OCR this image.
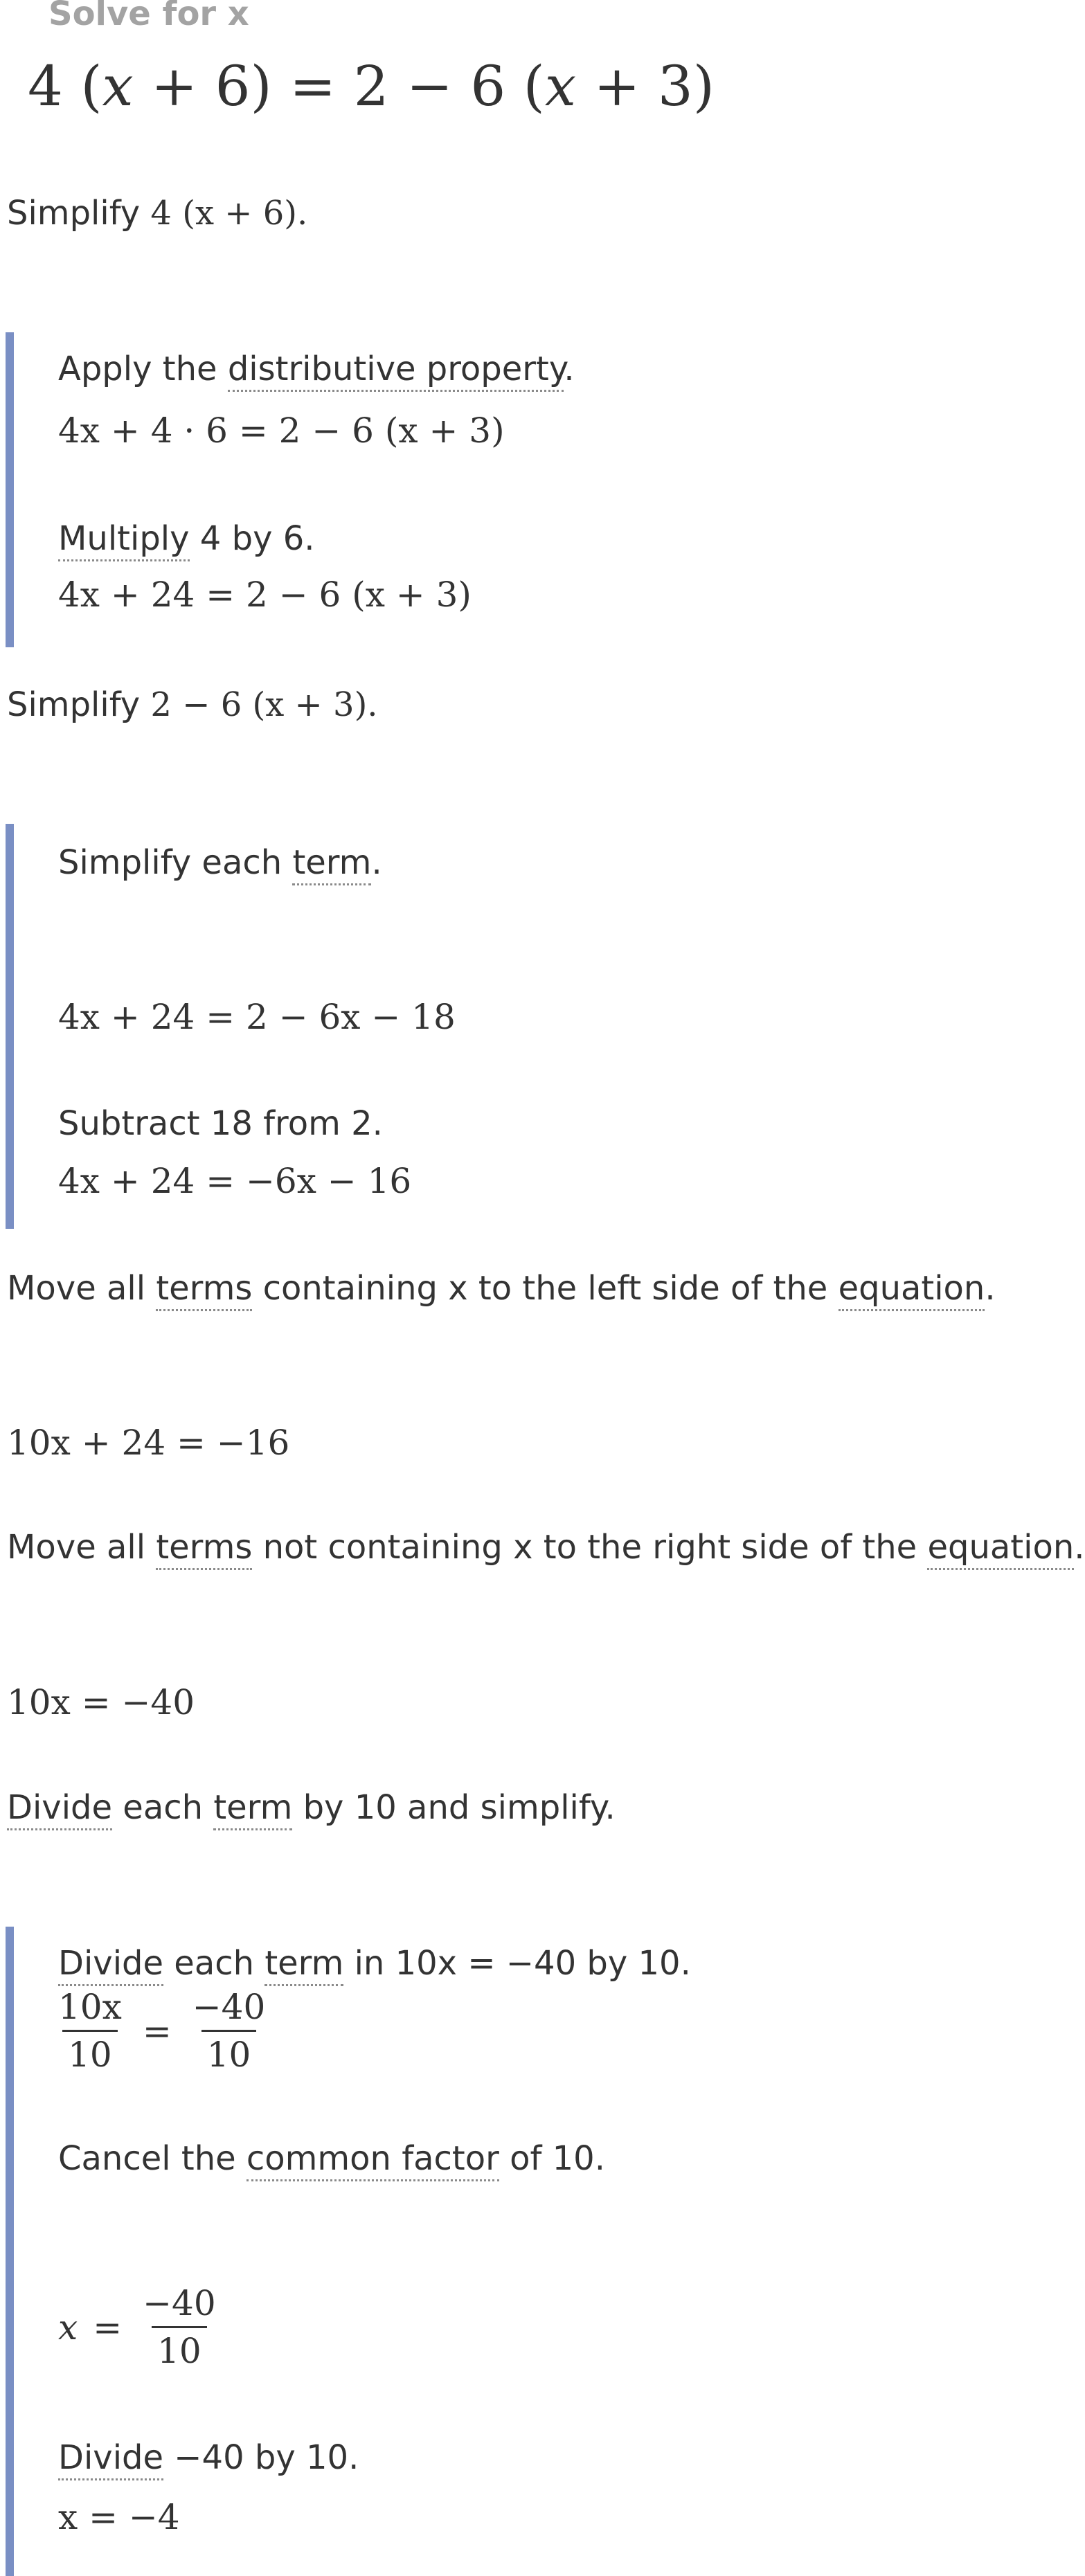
Solve for x
4 (x + 6) = 2 − 6 (x + 3)
Simplify 4 (x + 6).
Apply the distributive property.
4x + 4 · 6 = 2 − 6 (x + 3)
Multiply 4 by 6.
4x + 24 = 2 − 6 (x + 3)
Simplify 2 − 6 (x + 3).
Simplify each term.
4x + 24 = 2 − 6x − 18
Subtract 18 from 2.
4x + 24 = −6x − 16
Move all terms containing x to the left side of the equation.
10x + 24 = −16
Move all terms not containing x to the right side of the equation.
10x = −40
Divide each term by 10 and simplify.
Divide each term in 10x = −40 by 10.
$\frac{10x}{10} = \frac{-40}{10}$
Cancel the common factor of 10.
$x = \frac{-40}{10}$
Divide −40 by 10.
x = −4
